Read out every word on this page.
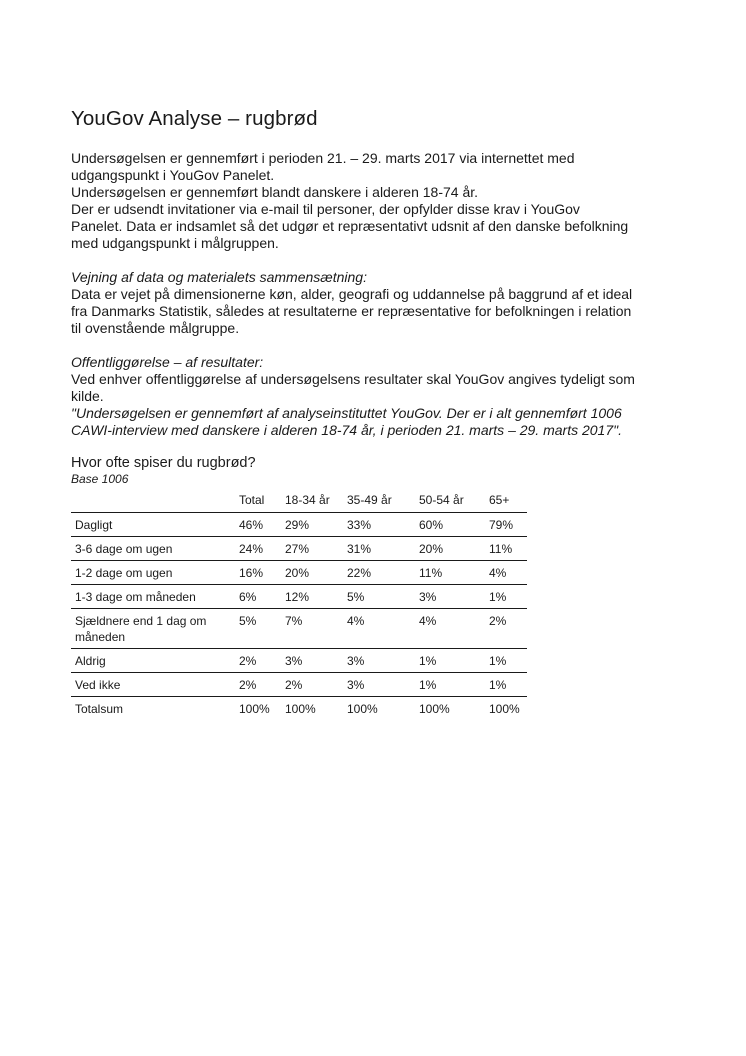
YouGov Analyse – rugbrød

Undersøgelsen er gennemført i perioden 21. – 29. marts 2017 via internettet med

udgangspunkt i YouGov Panelet.

Undersøgelsen er gennemført blandt danskere i alderen 18-74 år.

Der er udsendt invitationer via e-mail til personer, der opfylder disse krav i YouGov

Panelet. Data er indsamlet så det udgør et repræsentativt udsnit af den danske befolkning

med udgangspunkt i målgruppen.

Vejning af data og materialets sammensætning:

Data er vejet på dimensionerne køn, alder, geografi og uddannelse på baggrund af et ideal

fra Danmarks Statistik, således at resultaterne er repræsentative for befolkningen i relation

til ovenstående målgruppe.

Offentliggørelse – af resultater:

Ved enhver offentliggørelse af undersøgelsens resultater skal YouGov angives tydeligt som

kilde.

"Undersøgelsen er gennemført af analyseinstituttet YouGov. Der er i alt gennemført 1006

CAWI-interview med danskere i alderen 18-74 år, i perioden 21. marts – 29. marts 2017".

Hvor ofte spiser du rugbrød?

Base 1006

	Total	18-34 år	35-49 år	50-54 år	65+
Dagligt	46%	29%	33%	60%	79%
3-6 dage om ugen	24%	27%	31%	20%	11%
1-2 dage om ugen	16%	20%	22%	11%	4%
1-3 dage om måneden	6%	12%	5%	3%	1%
Sjældnere end 1 dag om måneden	5%	7%	4%	4%	2%
Aldrig	2%	3%	3%	1%	1%
Ved ikke	2%	2%	3%	1%	1%
Totalsum	100%	100%	100%	100%	100%
